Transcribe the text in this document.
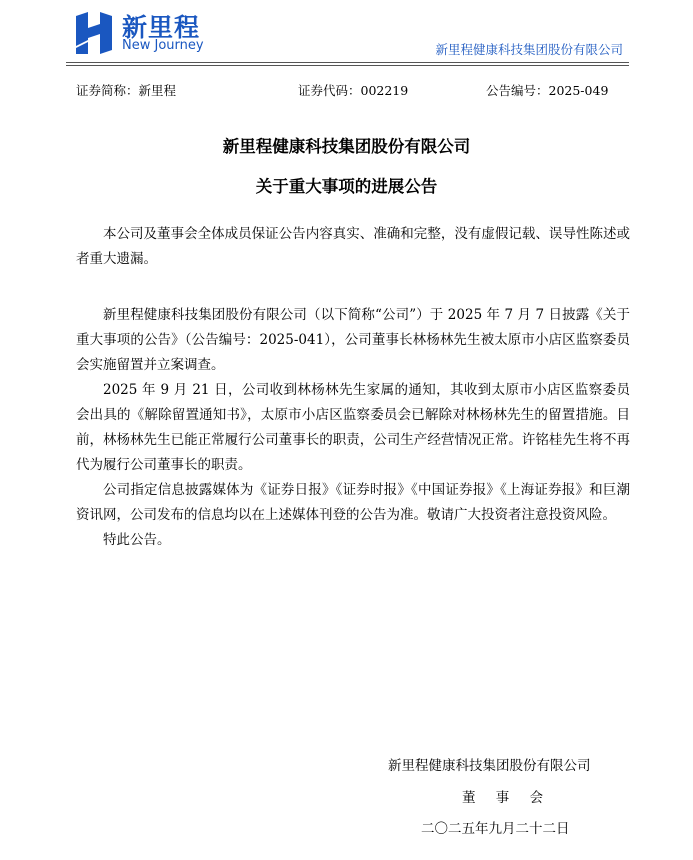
新里程
New Journey	新里程健康科技集团股份有限公司
证券简称：新里程	证券代码：002219	公告编号：2025-049
新里程健康科技集团股份有限公司
关于重大事项的进展公告

本公司及董事会全体成员保证公告内容真实、准确和完整，没有虚假记载、误导性陈述或者重大遗漏。

新里程健康科技集团股份有限公司（以下简称“公司”）于 2025 年 7 月 7 日披露《关于重大事项的公告》（公告编号：2025-041），公司董事长林杨林先生被太原市小店区监察委员会实施留置并立案调查。

2025 年 9 月 21 日，公司收到林杨林先生家属的通知，其收到太原市小店区监察委员会出具的《解除留置通知书》，太原市小店区监察委员会已解除对林杨林先生的留置措施。目前，林杨林先生已能正常履行公司董事长的职责，公司生产经营情况正常。许铭桂先生将不再代为履行公司董事长的职责。

公司指定信息披露媒体为《证券日报》《证券时报》《中国证券报》《上海证券报》和巨潮资讯网，公司发布的信息均以在上述媒体刊登的公告为准。敬请广大投资者注意投资风险。

特此公告。

新里程健康科技集团股份有限公司
董 事 会
二〇二五年九月二十二日
